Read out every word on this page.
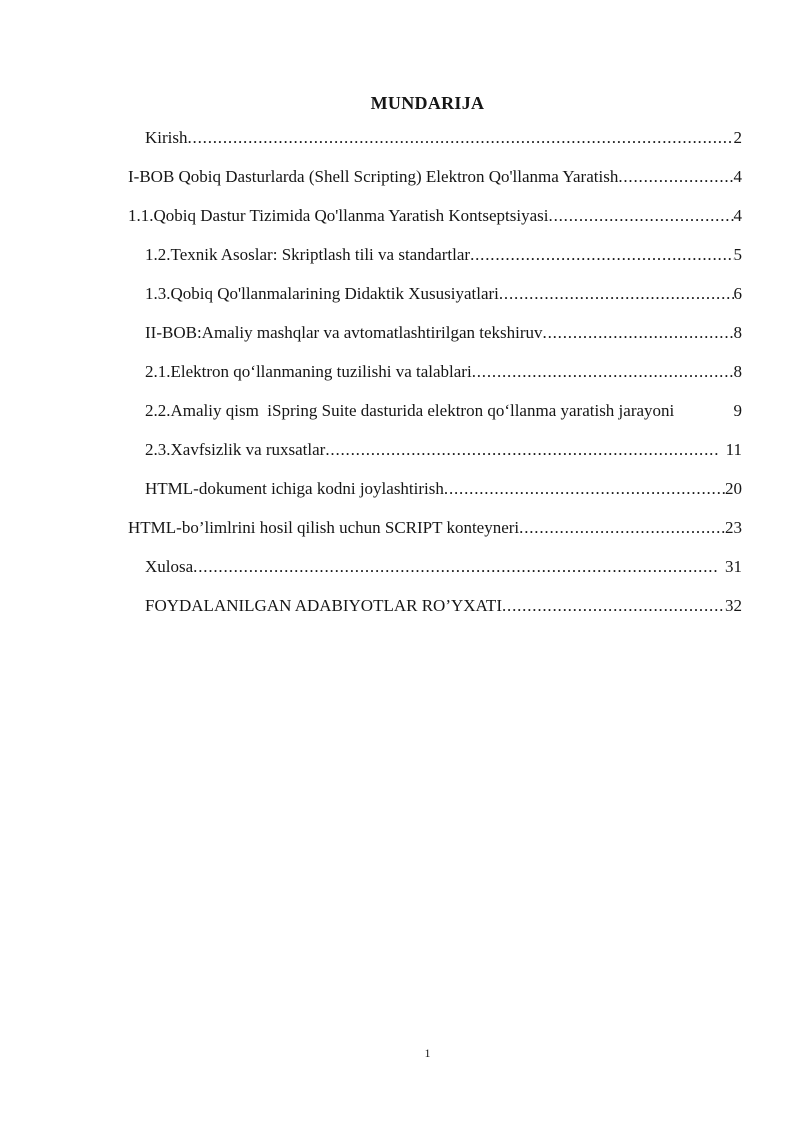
MUNDARIJA
Kirish .....	2
I-BOB Qobiq Dasturlarda (Shell Scripting) Elektron Qo'llanma Yaratish .....	4
1.1.Qobiq Dastur Tizimida Qo'llanma Yaratish Kontseptsiyasi .....	4
1.2.Texnik Asoslar: Skriptlash tili va standartlar .....	5
1.3.Qobiq Qo'llanmalarining Didaktik Xususiyatlari .....	6
II-BOB:Amaliy mashqlar va avtomatlashtirilgan tekshiruv .....	8
2.1.Elektron qoʻllanmaning tuzilishi va talablari .....	8
2.2.Amaliy qism  iSpring Suite dasturida elektron qoʻllanma yaratish jarayoni	9
2.3.Xavfsizlik va ruxsatlar .....	11
HTML-dokument ichiga kodni joylashtirish .....	20
HTML-bo’limlrini hosil qilish uchun SCRIPT konteyneri .....	23
Xulosa .....	31
FOYDALANILGAN ADABIYOTLAR RO’YXATI .....	32
1
